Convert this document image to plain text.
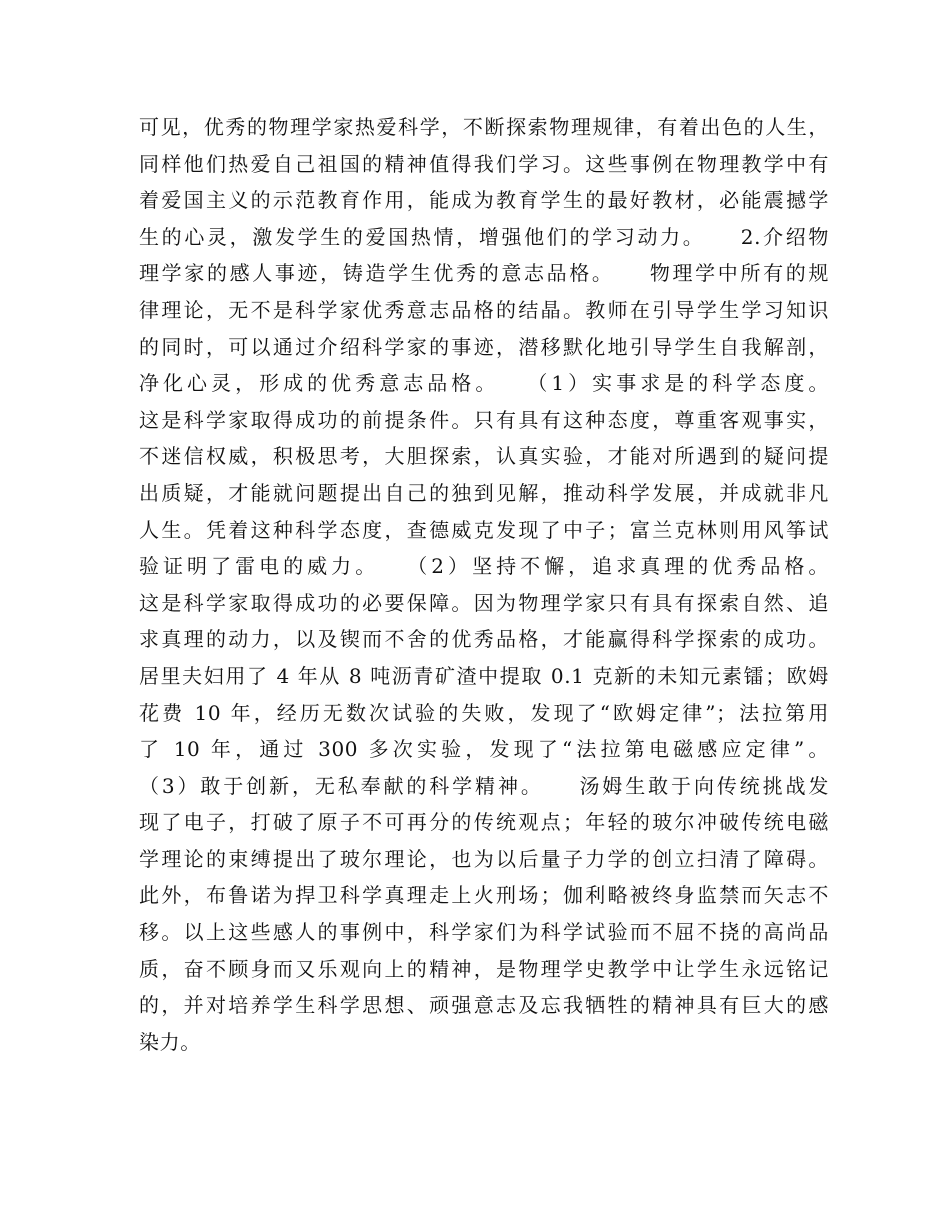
可见，优秀的物理学家热爱科学，不断探索物理规律，有着出色的人生，
同样他们热爱自己祖国的精神值得我们学习。这些事例在物理教学中有
着爱国主义的示范教育作用，能成为教育学生的最好教材，必能震撼学
生的心灵，激发学生的爱国热情，增强他们的学习动力。　　2.介绍物
理学家的感人事迹，铸造学生优秀的意志品格。　　物理学中所有的规
律理论，无不是科学家优秀意志品格的结晶。教师在引导学生学习知识
的同时，可以通过介绍科学家的事迹，潜移默化地引导学生自我解剖，
净化心灵，形成的优秀意志品格。　　（1）实事求是的科学态度。
这是科学家取得成功的前提条件。只有具有这种态度，尊重客观事实，
不迷信权威，积极思考，大胆探索，认真实验，才能对所遇到的疑问提
出质疑，才能就问题提出自己的独到见解，推动科学发展，并成就非凡
人生。凭着这种科学态度，查德威克发现了中子；富兰克林则用风筝试
验证明了雷电的威力。　　（2）坚持不懈，追求真理的优秀品格。
这是科学家取得成功的必要保障。因为物理学家只有具有探索自然、追
求真理的动力，以及锲而不舍的优秀品格，才能赢得科学探索的成功。
居里夫妇用了 4 年从 8 吨沥青矿渣中提取 0.1 克新的未知元素镭；欧姆
花费 10 年，经历无数次试验的失败，发现了“欧姆定律”；法拉第用
了 10 年，通过 300 多次实验，发现了“法拉第电磁感应定律”。
（3）敢于创新，无私奉献的科学精神。　　汤姆生敢于向传统挑战发
现了电子，打破了原子不可再分的传统观点；年轻的玻尔冲破传统电磁
学理论的束缚提出了玻尔理论，也为以后量子力学的创立扫清了障碍。
此外，布鲁诺为捍卫科学真理走上火刑场；伽利略被终身监禁而矢志不
移。以上这些感人的事例中，科学家们为科学试验而不屈不挠的高尚品
质，奋不顾身而又乐观向上的精神，是物理学史教学中让学生永远铭记
的，并对培养学生科学思想、顽强意志及忘我牺牲的精神具有巨大的感
染力。
